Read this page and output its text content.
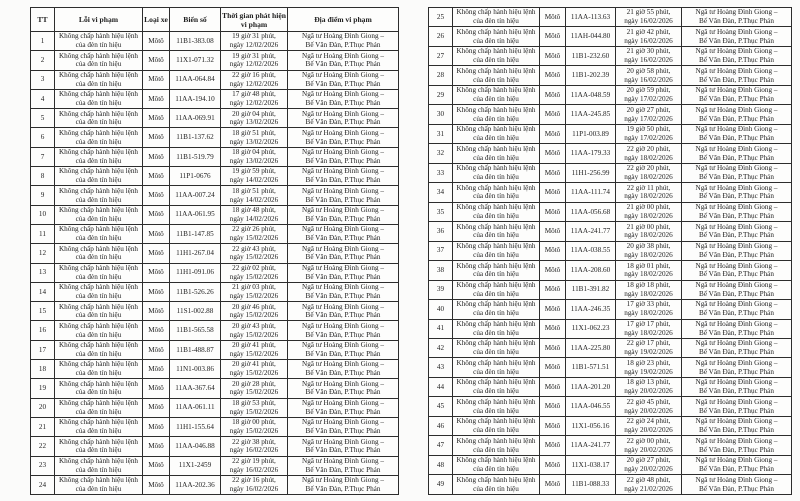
TT	Lỗi vi phạm	Loại xe	Biển số	Thời gian phát hiện vi phạm	Địa điểm vi phạm
1	Không chấp hành hiệu lệnh của đèn tín hiệu	Môtô	11B1-383.08	19 giờ 31 phút,
ngày 12/02/2026	Ngã tư Hoàng Đình Giong –
Bế Văn Đàn, P.Thục Phán

2	Không chấp hành hiệu lệnh của đèn tín hiệu	Môtô	11X1-071.32	19 giờ 31 phút,
ngày 12/02/2026	Ngã tư Hoàng Đình Giong –
Bế Văn Đàn, P.Thục Phán

3	Không chấp hành hiệu lệnh của đèn tín hiệu	Môtô	11AA-064.84	22 giờ 16 phút,
ngày 12/02/2026	Ngã tư Hoàng Đình Giong –
Bế Văn Đàn, P.Thục Phán

4	Không chấp hành hiệu lệnh của đèn tín hiệu	Môtô	11AA-194.10	17 giờ 48 phút,
ngày 12/02/2026	Ngã tư Hoàng Đình Giong –
Bế Văn Đàn, P.Thục Phán

5	Không chấp hành hiệu lệnh của đèn tín hiệu	Môtô	11AA-069.91	20 giờ 04 phút,
ngày 13/02/2026	Ngã tư Hoàng Đình Giong –
Bế Văn Đàn, P.Thục Phán

6	Không chấp hành hiệu lệnh của đèn tín hiệu	Môtô	11B1-137.62	18 giờ 51 phút,
ngày 13/02/2026	Ngã tư Hoàng Đình Giong –
Bế Văn Đàn, P.Thục Phán

7	Không chấp hành hiệu lệnh của đèn tín hiệu	Môtô	11B1-519.79	18 giờ 04 phút,
ngày 13/02/2026	Ngã tư Hoàng Đình Giong –
Bế Văn Đàn, P.Thục Phán

8	Không chấp hành hiệu lệnh của đèn tín hiệu	Môtô	11P1-0676	19 giờ 59 phút,
ngày 14/02/2026	Ngã tư Hoàng Đình Giong –
Bế Văn Đàn, P.Thục Phán

9	Không chấp hành hiệu lệnh của đèn tín hiệu	Môtô	11AA-007.24	18 giờ 51 phút,
ngày 14/02/2026	Ngã tư Hoàng Đình Giong –
Bế Văn Đàn, P.Thục Phán

10	Không chấp hành hiệu lệnh của đèn tín hiệu	Môtô	11AA-061.95	18 giờ 48 phút,
ngày 14/02/2026	Ngã tư Hoàng Đình Giong –
Bế Văn Đàn, P.Thục Phán

11	Không chấp hành hiệu lệnh của đèn tín hiệu	Môtô	11B1-147.85	22 giờ 26 phút,
ngày 15/02/2026	Ngã tư Hoàng Đình Giong –
Bế Văn Đàn, P.Thục Phán

12	Không chấp hành hiệu lệnh của đèn tín hiệu	Môtô	11H1-267.04	22 giờ 43 phút,
ngày 15/02/2026	Ngã tư Hoàng Đình Giong –
Bế Văn Đàn, P.Thục Phán

13	Không chấp hành hiệu lệnh của đèn tín hiệu	Môtô	11H1-091.06	22 giờ 02 phút,
ngày 15/02/2026	Ngã tư Hoàng Đình Giong –
Bế Văn Đàn, P.Thục Phán

14	Không chấp hành hiệu lệnh của đèn tín hiệu	Môtô	11B1-526.26	21 giờ 03 phút,
ngày 15/02/2026	Ngã tư Hoàng Đình Giong –
Bế Văn Đàn, P.Thục Phán

15	Không chấp hành hiệu lệnh của đèn tín hiệu	Môtô	11S1-002.88	20 giờ 46 phút,
ngày 15/02/2026	Ngã tư Hoàng Đình Giong –
Bế Văn Đàn, P.Thục Phán

16	Không chấp hành hiệu lệnh của đèn tín hiệu	Môtô	11B1-565.58	20 giờ 43 phút,
ngày 15/02/2026	Ngã tư Hoàng Đình Giong –
Bế Văn Đàn, P.Thục Phán

17	Không chấp hành hiệu lệnh của đèn tín hiệu	Môtô	11B1-488.87	20 giờ 41 phút,
ngày 15/02/2026	Ngã tư Hoàng Đình Giong –
Bế Văn Đàn, P.Thục Phán

18	Không chấp hành hiệu lệnh của đèn tín hiệu	Môtô	11N1-003.86	20 giờ 41 phút,
ngày 15/02/2026	Ngã tư Hoàng Đình Giong –
Bế Văn Đàn, P.Thục Phán

19	Không chấp hành hiệu lệnh của đèn tín hiệu	Môtô	11AA-367.64	20 giờ 28 phút,
ngày 15/02/2026	Ngã tư Hoàng Đình Giong –
Bế Văn Đàn, P.Thục Phán

20	Không chấp hành hiệu lệnh của đèn tín hiệu	Môtô	11AA-061.11	18 giờ 53 phút,
ngày 15/02/2026	Ngã tư Hoàng Đình Giong –
Bế Văn Đàn, P.Thục Phán

21	Không chấp hành hiệu lệnh của đèn tín hiệu	Môtô	11H1-155.64	18 giờ 00 phút,
ngày 15/02/2026	Ngã tư Hoàng Đình Giong –
Bế Văn Đàn, P.Thục Phán

22	Không chấp hành hiệu lệnh của đèn tín hiệu	Môtô	11AA-046.88	22 giờ 38 phút,
ngày 16/02/2026	Ngã tư Hoàng Đình Giong –
Bế Văn Đàn, P.Thục Phán

23	Không chấp hành hiệu lệnh của đèn tín hiệu	Môtô	11X1-2459	22 giờ 19 phút,
ngày 16/02/2026	Ngã tư Hoàng Đình Giong –
Bế Văn Đàn, P.Thục Phán

24	Không chấp hành hiệu lệnh của đèn tín hiệu	Môtô	11AA-202.36	22 giờ 16 phút,
ngày 16/02/2026	Ngã tư Hoàng Đình Giong –
Bế Văn Đàn, P.Thục Phán
25	Không chấp hành hiệu lệnh của đèn tín hiệu	Môtô	11AA-113.63	21 giờ 55 phút,
ngày 16/02/2026	Ngã tư Hoàng Đình Giong –
Bế Văn Đàn, P.Thục Phán

26	Không chấp hành hiệu lệnh của đèn tín hiệu	Môtô	11AH-044.80	21 giờ 42 phút,
ngày 16/02/2026	Ngã tư Hoàng Đình Giong –
Bế Văn Đàn, P.Thục Phán

27	Không chấp hành hiệu lệnh của đèn tín hiệu	Môtô	11B1-232.60	21 giờ 30 phút,
ngày 16/02/2026	Ngã tư Hoàng Đình Giong –
Bế Văn Đàn, P.Thục Phán

28	Không chấp hành hiệu lệnh của đèn tín hiệu	Môtô	11B1-202.39	20 giờ 58 phút,
ngày 16/02/2026	Ngã tư Hoàng Đình Giong –
Bế Văn Đàn, P.Thục Phán

29	Không chấp hành hiệu lệnh của đèn tín hiệu	Môtô	11AA-048.59	20 giờ 59 phút,
ngày 17/02/2026	Ngã tư Hoàng Đình Giong –
Bế Văn Đàn, P.Thục Phán

30	Không chấp hành hiệu lệnh của đèn tín hiệu	Môtô	11AA-245.85	20 giờ 27 phút,
ngày 17/02/2026	Ngã tư Hoàng Đình Giong –
Bế Văn Đàn, P.Thục Phán

31	Không chấp hành hiệu lệnh của đèn tín hiệu	Môtô	11P1-003.89	19 giờ 50 phút,
ngày 17/02/2026	Ngã tư Hoàng Đình Giong –
Bế Văn Đàn, P.Thục Phán

32	Không chấp hành hiệu lệnh của đèn tín hiệu	Môtô	11AA-179.33	22 giờ 20 phút,
ngày 18/02/2026	Ngã tư Hoàng Đình Giong –
Bế Văn Đàn, P.Thục Phán

33	Không chấp hành hiệu lệnh của đèn tín hiệu	Môtô	11H1-256.99	22 giờ 20 phút,
ngày 18/02/2026	Ngã tư Hoàng Đình Giong –
Bế Văn Đàn, P.Thục Phán

34	Không chấp hành hiệu lệnh của đèn tín hiệu	Môtô	11AA-111.74	22 giờ 11 phút,
ngày 18/02/2026	Ngã tư Hoàng Đình Giong –
Bế Văn Đàn, P.Thục Phán

35	Không chấp hành hiệu lệnh của đèn tín hiệu	Môtô	11AA-056.68	21 giờ 00 phút,
ngày 18/02/2026	Ngã tư Hoàng Đình Giong –
Bế Văn Đàn, P.Thục Phán

36	Không chấp hành hiệu lệnh của đèn tín hiệu	Môtô	11AA-241.77	21 giờ 00 phút,
ngày 18/02/2026	Ngã tư Hoàng Đình Giong –
Bế Văn Đàn, P.Thục Phán

37	Không chấp hành hiệu lệnh của đèn tín hiệu	Môtô	11AA-038.55	20 giờ 38 phút,
ngày 18/02/2026	Ngã tư Hoàng Đình Giong –
Bế Văn Đàn, P.Thục Phán

38	Không chấp hành hiệu lệnh của đèn tín hiệu	Môtô	11AA-208.60	18 giờ 01 phút,
ngày 18/02/2026	Ngã tư Hoàng Đình Giong –
Bế Văn Đàn, P.Thục Phán

39	Không chấp hành hiệu lệnh của đèn tín hiệu	Môtô	11B1-391.82	18 giờ 18 phút,
ngày 18/02/2026	Ngã tư Hoàng Đình Giong –
Bế Văn Đàn, P.Thục Phán

40	Không chấp hành hiệu lệnh của đèn tín hiệu	Môtô	11AA-246.35	17 giờ 33 phút,
ngày 18/02/2026	Ngã tư Hoàng Đình Giong –
Bế Văn Đàn, P.Thục Phán

41	Không chấp hành hiệu lệnh của đèn tín hiệu	Môtô	11X1-062.23	17 giờ 17 phút,
ngày 18/02/2026	Ngã tư Hoàng Đình Giong –
Bế Văn Đàn, P.Thục Phán

42	Không chấp hành hiệu lệnh của đèn tín hiệu	Môtô	11AA-225.80	22 giờ 17 phút,
ngày 19/02/2026	Ngã tư Hoàng Đình Giong –
Bế Văn Đàn, P.Thục Phán

43	Không chấp hành hiệu lệnh của đèn tín hiệu	Môtô	11B1-571.51	18 giờ 23 phút,
ngày 19/02/2026	Ngã tư Hoàng Đình Giong –
Bế Văn Đàn, P.Thục Phán

44	Không chấp hành hiệu lệnh của đèn tín hiệu	Môtô	11AA-201.20	18 giờ 13 phút,
ngày 20/02/2026	Ngã tư Hoàng Đình Giong –
Bế Văn Đàn, P.Thục Phán

45	Không chấp hành hiệu lệnh của đèn tín hiệu	Môtô	11AA-046.55	22 giờ 45 phút,
ngày 20/02/2026	Ngã tư Hoàng Đình Giong –
Bế Văn Đàn, P.Thục Phán

46	Không chấp hành hiệu lệnh của đèn tín hiệu	Môtô	11X1-056.16	22 giờ 24 phút,
ngày 20/02/2026	Ngã tư Hoàng Đình Giong –
Bế Văn Đàn, P.Thục Phán

47	Không chấp hành hiệu lệnh của đèn tín hiệu	Môtô	11AA-241.77	22 giờ 00 phút,
ngày 20/02/2026	Ngã tư Hoàng Đình Giong –
Bế Văn Đàn, P.Thục Phán

48	Không chấp hành hiệu lệnh của đèn tín hiệu	Môtô	11X1-038.17	20 giờ 27 phút,
ngày 20/02/2026	Ngã tư Hoàng Đình Giong –
Bế Văn Đàn, P.Thục Phán

49	Không chấp hành hiệu lệnh của đèn tín hiệu	Môtô	11B1-088.33	22 giờ 48 phút,
ngày 21/02/2026	Ngã tư Hoàng Đình Giong –
Bế Văn Đàn, P.Thục Phán
